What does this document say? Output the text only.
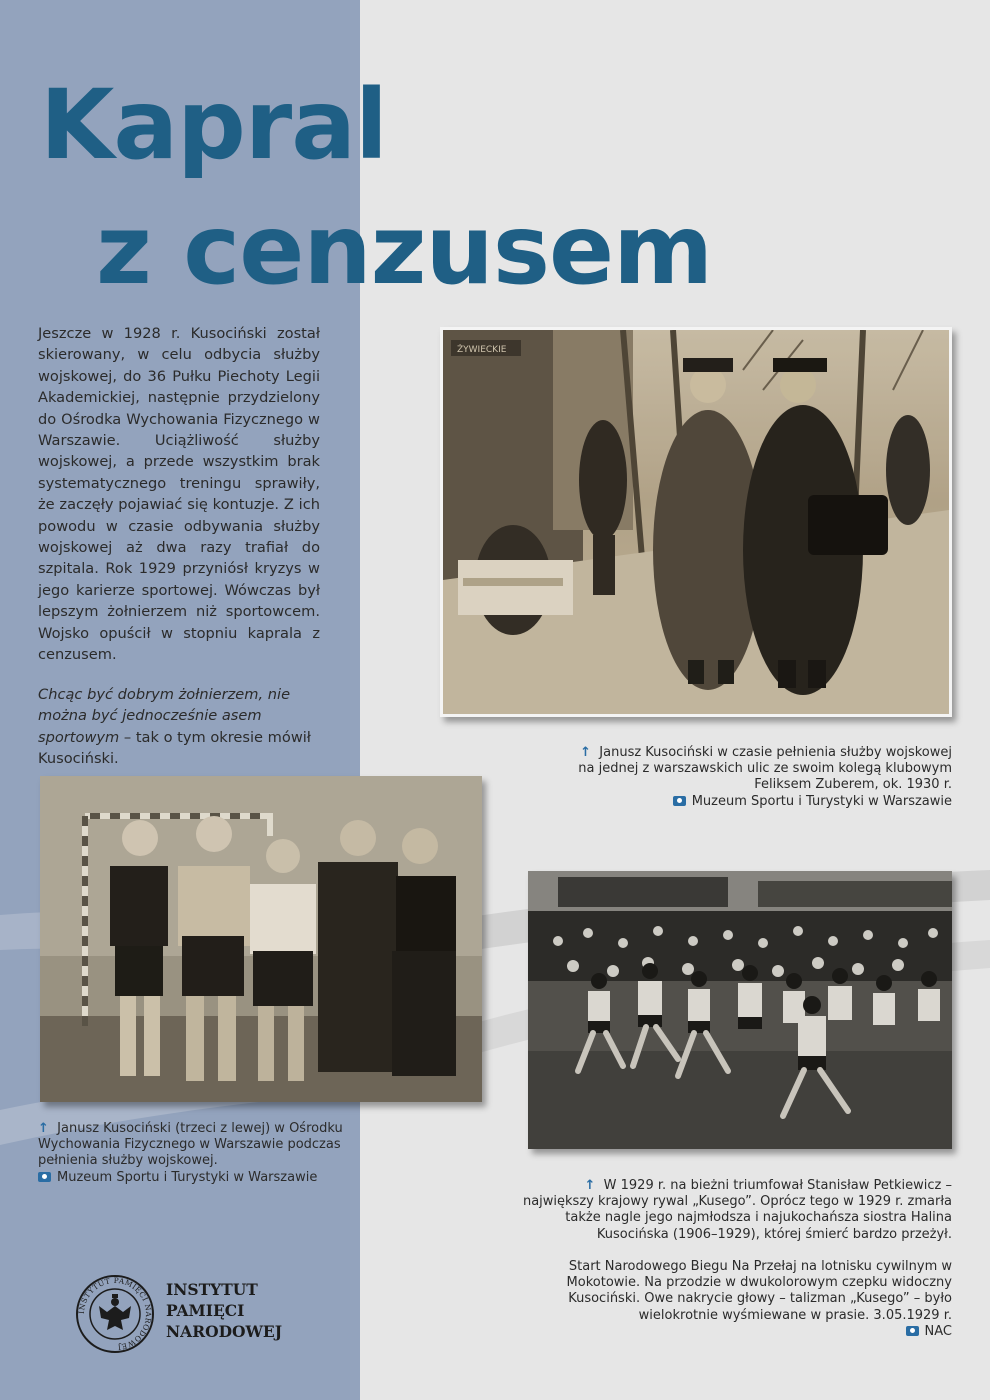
Kapral
z cenzusem

Jeszcze w 1928 r. Kusociński został skierowany, w celu odbycia służby wojskowej, do 36 Pułku Piechoty Legii Akademickiej, następnie przydzielony do Ośrodka Wychowania Fizycznego w Warszawie. Uciążliwość służby wojskowej, a przede wszystkim brak systematycznego treningu sprawiły, że zaczęły pojawiać się kontuzje. Z ich powodu w czasie odbywania służby wojskowej aż dwa razy trafiał do szpitala. Rok 1929 przyniósł kryzys w jego karierze sportowej. Wówczas był lepszym żołnierzem niż sportowcem. Wojsko opuścił w stopniu kaprala z cenzusem.

Chcąc być dobrym żołnierzem, nie można być jednocześnie asem sportowym – tak o tym okresie mówił Kusociński.
ŻYWIECKIE
↑ Janusz Kusociński w czasie pełnienia służby wojskowej na jednej z warszawskich ulic ze swoim kolegą klubowym Feliksem Zuberem, ok. 1930 r.
Muzeum Sportu i Turystyki w Warszawie
↑ Janusz Kusociński (trzeci z lewej) w Ośrodku Wychowania Fizycznego w Warszawie podczas pełnienia służby wojskowej.
Muzeum Sportu i Turystyki w Warszawie
↑ W 1929 r. na bieżni triumfował Stanisław Petkiewicz – największy krajowy rywal „Kusego”. Oprócz tego w 1929 r. zmarła także nagle jego najmłodsza i najukochańsza siostra Halina Kusocińska (1906–1929), której śmierć bardzo przeżył.
Start Narodowego Biegu Na Przełaj na lotnisku cywilnym w Mokotowie. Na przodzie w dwukolorowym czepku widoczny Kusociński. Owe nakrycie głowy – talizman „Kusego” – było wielokrotnie wyśmiewane w prasie. 3.05.1929 r.
NAC
INSTYTUT PAMIĘCI NARODOWEJ
INSTYTUT
PAMIĘCI
NARODOWEJ
